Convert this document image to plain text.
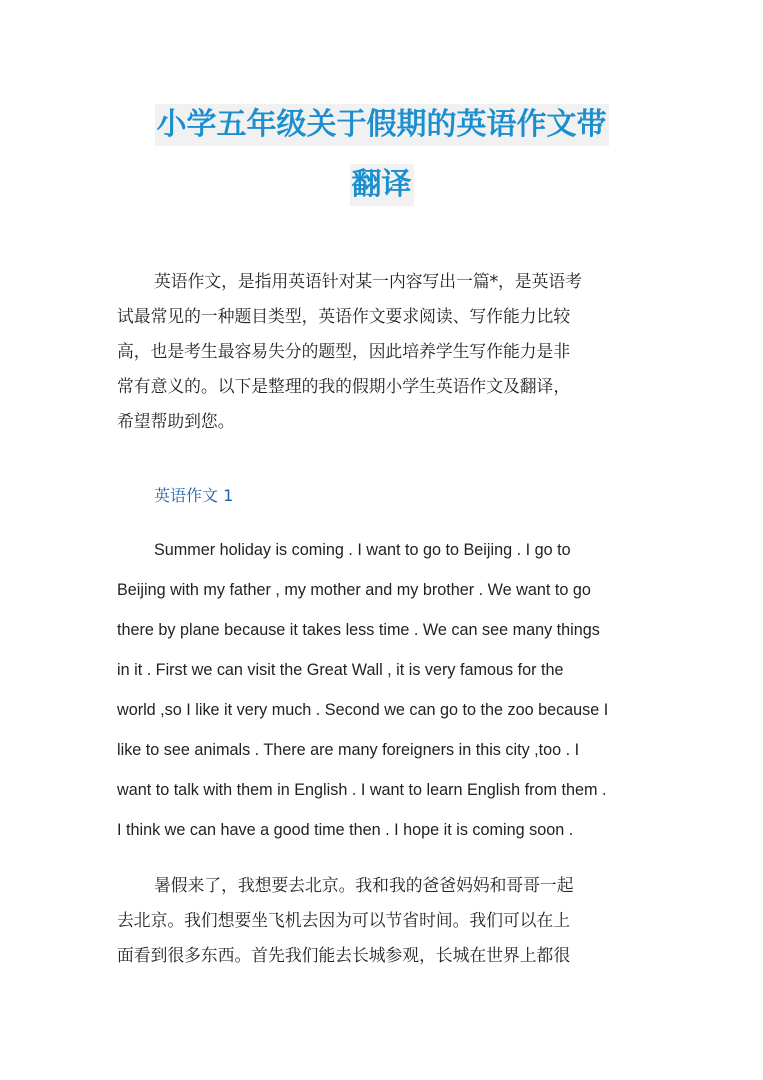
小学五年级关于假期的英语作文带
翻译
英语作文，是指用英语针对某一内容写出一篇*，是英语考
试最常见的一种题目类型，英语作文要求阅读、写作能力比较
高，也是考生最容易失分的题型，因此培养学生写作能力是非
常有意义的。以下是整理的我的假期小学生英语作文及翻译，
希望帮助到您。
英语作文 1
Summer holiday is coming . I want to go to Beijing . I go to
Beijing with my father , my mother and my brother . We want to go
there by plane because it takes less time . We can see many things
in it . First we can visit the Great Wall , it is very famous for the
world ,so I like it very much . Second we can go to the zoo because I
like to see animals . There are many foreigners in this city ,too . I
want to talk with them in English . I want to learn English from them .
I think we can have a good time then . I hope it is coming soon .
暑假来了，我想要去北京。我和我的爸爸妈妈和哥哥一起
去北京。我们想要坐飞机去因为可以节省时间。我们可以在上
面看到很多东西。首先我们能去长城参观，长城在世界上都很
